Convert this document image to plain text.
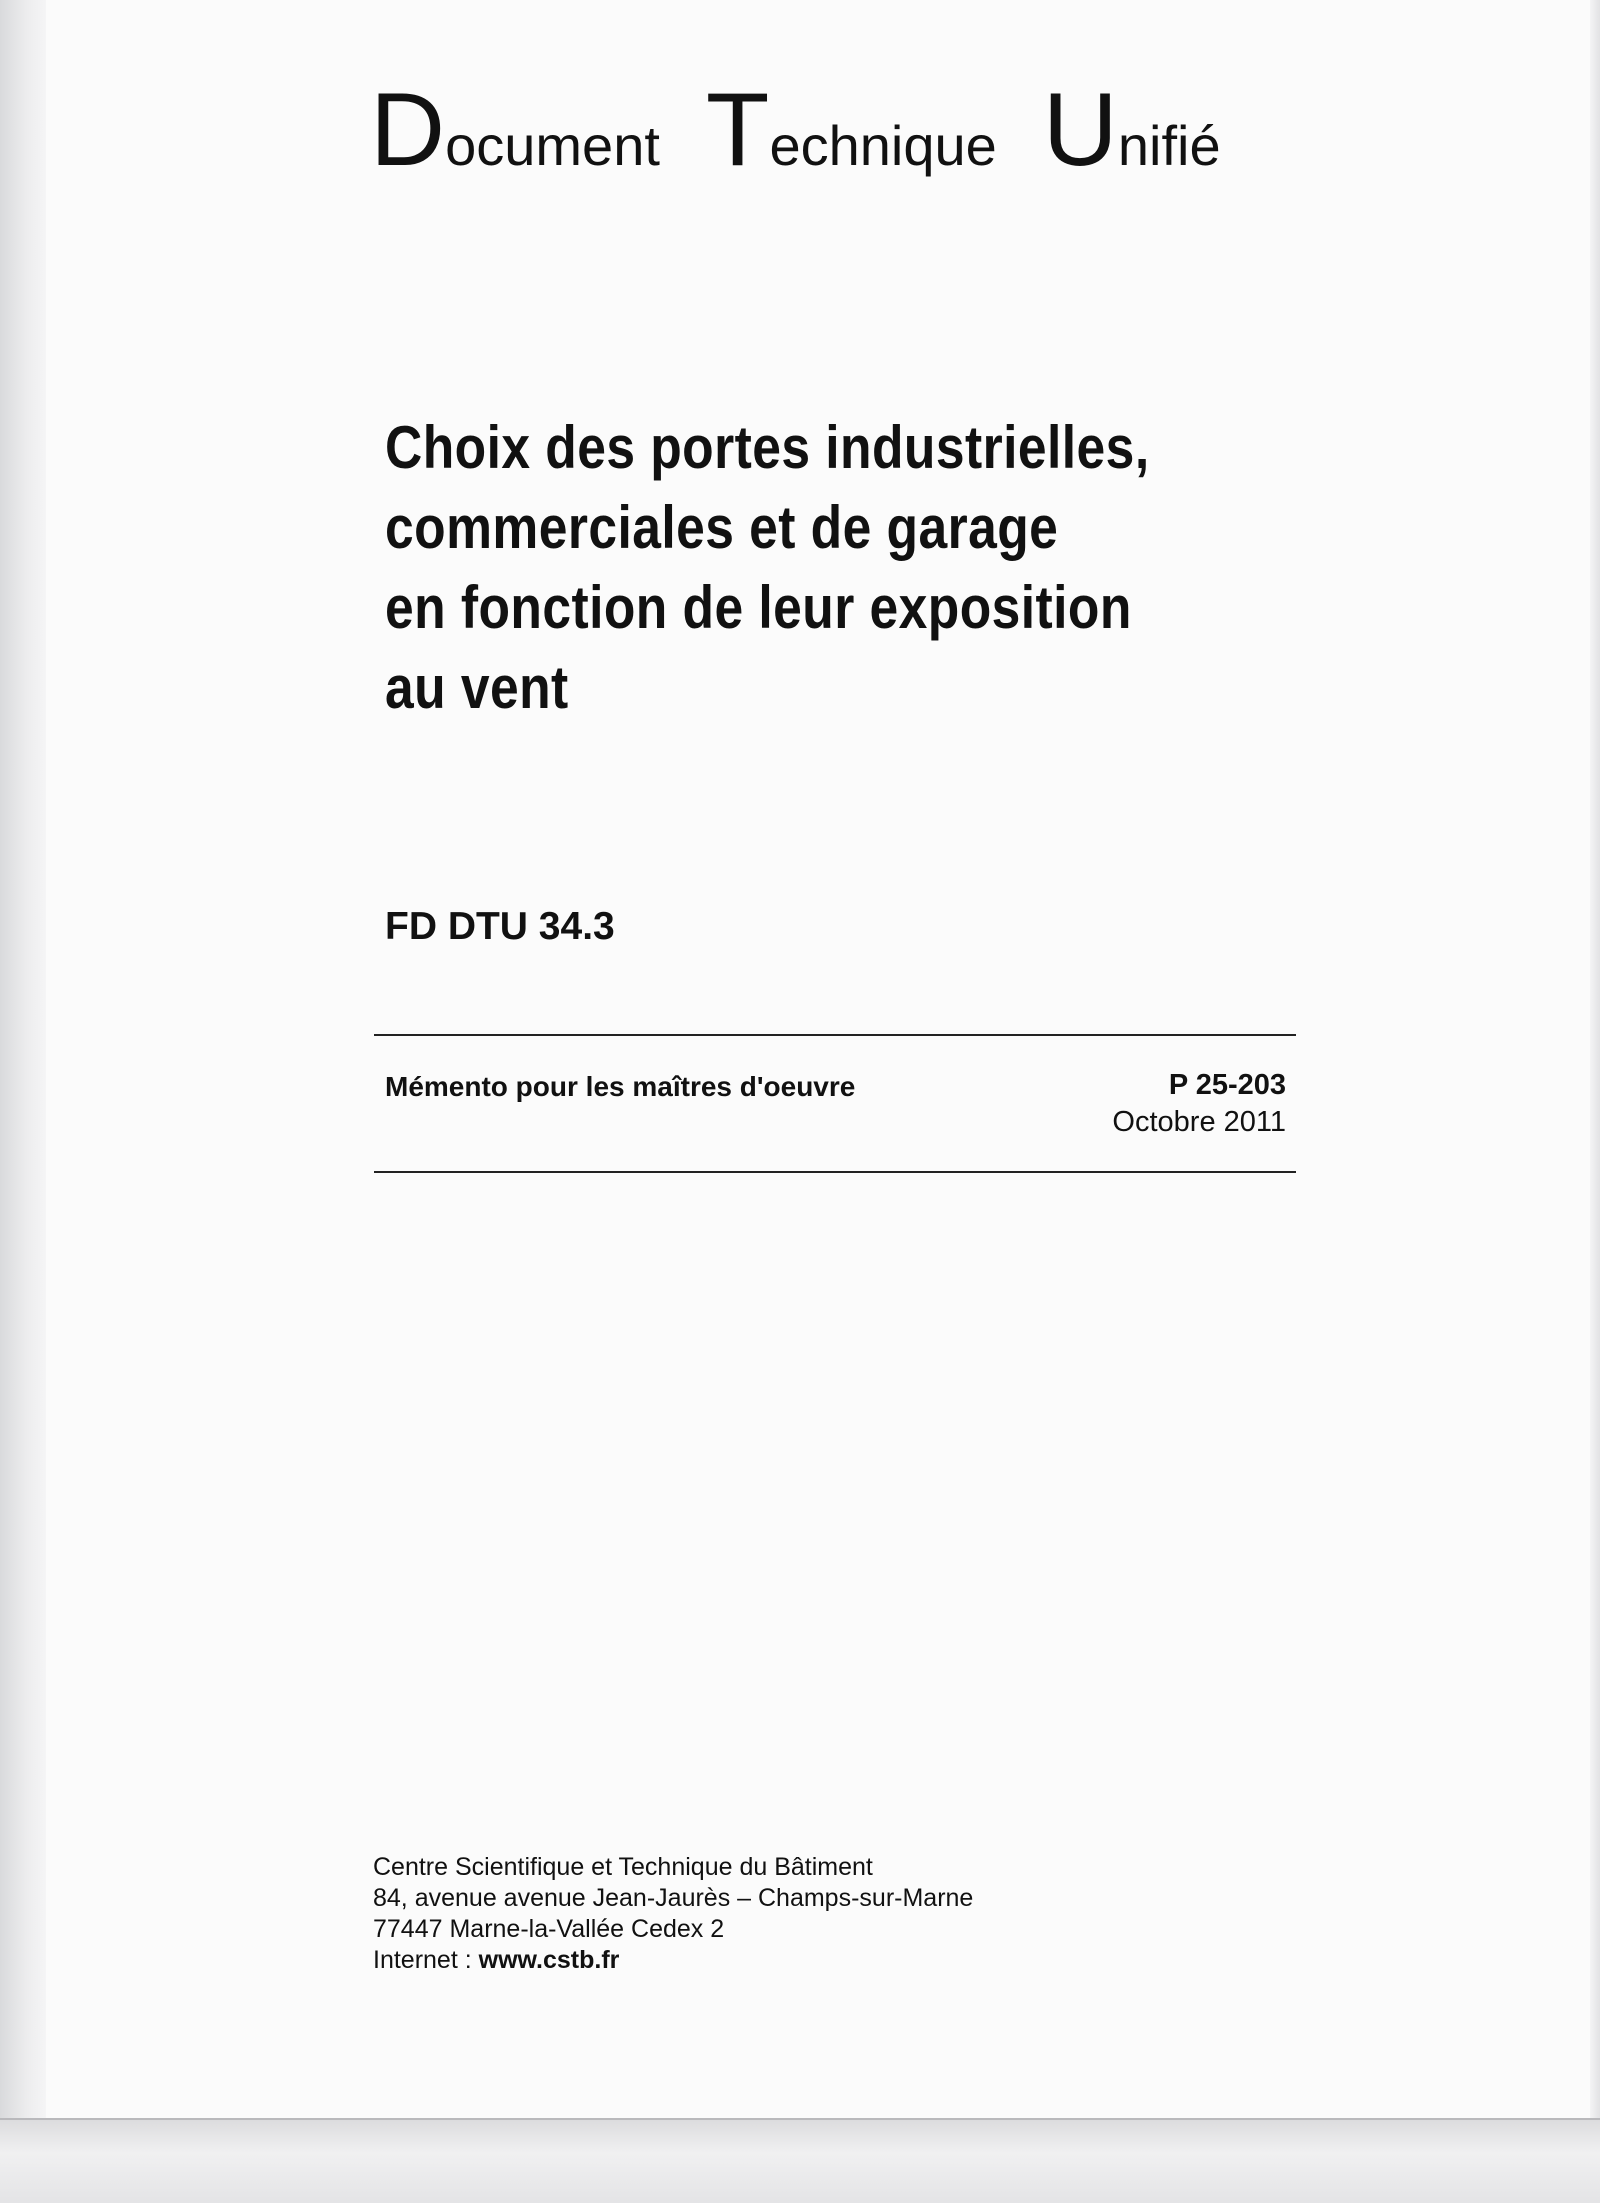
Document Technique Unifié
Choix des portes industrielles,
commerciales et de garage
en fonction de leur exposition
au vent
FD DTU 34.3
Mémento pour les maîtres d'oeuvre	P 25-203
Octobre 2011
Centre Scientifique et Technique du Bâtiment
84, avenue avenue Jean-Jaurès – Champs-sur-Marne
77447 Marne-la-Vallée Cedex 2
Internet : www.cstb.fr
